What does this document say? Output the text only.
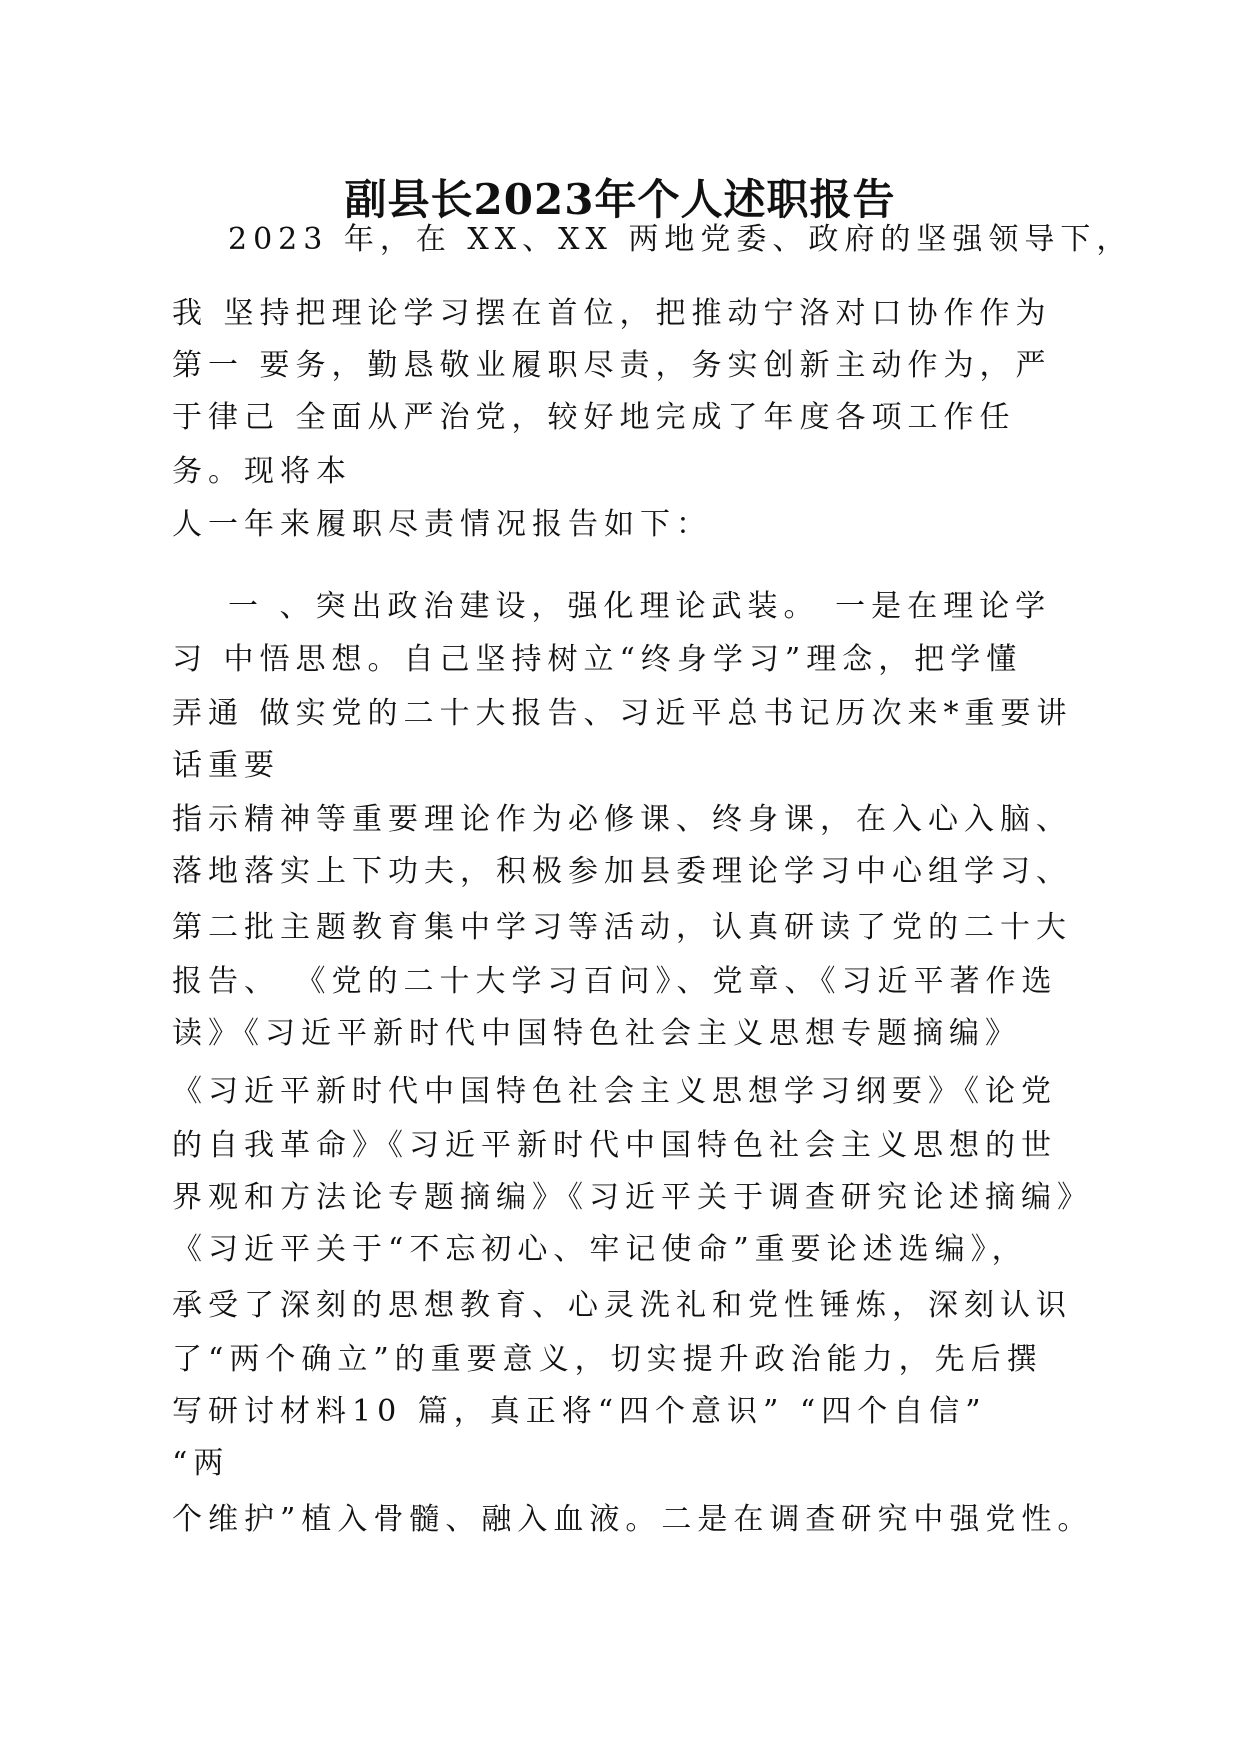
副县长2023年个人述职报告
2023 年，在 XX、XX 两地党委、政府的坚强领导下，
我 坚持把理论学习摆在首位，把推动宁洛对口协作作为
第一 要务，勤恳敬业履职尽责，务实创新主动作为，严
于律己 全面从严治党，较好地完成了年度各项工作任
务。现将本
人一年来履职尽责情况报告如下：
一 、突出政治建设，强化理论武装。 一是在理论学
习 中悟思想。自己坚持树立“终身学习”理念，把学懂
弄通 做实党的二十大报告、习近平总书记历次来*重要讲
话重要
指示精神等重要理论作为必修课、终身课，在入心入脑、
落地落实上下功夫，积极参加县委理论学习中心组学习、
第二批主题教育集中学习等活动，认真研读了党的二十大
报告、 《党的二十大学习百问》、党章、《习近平著作选
读》《习近平新时代中国特色社会主义思想专题摘编》
《习近平新时代中国特色社会主义思想学习纲要》《论党
的自我革命》《习近平新时代中国特色社会主义思想的世
界观和方法论专题摘编》《习近平关于调查研究论述摘编》
《习近平关于“不忘初心、牢记使命”重要论述选编》，
承受了深刻的思想教育、心灵洗礼和党性锤炼，深刻认识
了“两个确立”的重要意义，切实提升政治能力，先后撰
写研讨材料10 篇，真正将“四个意识” “四个自信”
“两
个维护”植入骨髓、融入血液。二是在调查研究中强党性。
